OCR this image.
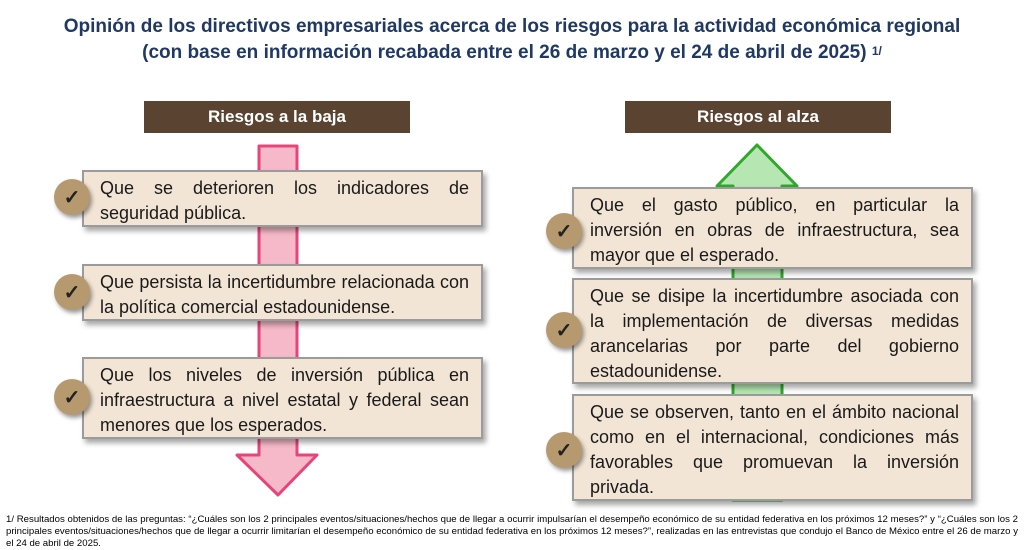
Opinión de los directivos empresariales acerca de los riesgos para la actividad económica regional
(con base en información recabada entre el 26 de marzo y el 24 de abril de 2025) $^{1/}$
Riesgos a la baja	Riesgos al alza
Que se deterioren los indicadores de seguridad pública.
✓
Que persista la incertidumbre relacionada con la política comercial estadounidense.
✓
Que los niveles de inversión pública en infraestructura a nivel estatal y federal sean menores que los esperados.
✓
Que el gasto público, en particular la inversión en obras de infraestructura, sea mayor que el esperado.
✓
Que se disipe la incertidumbre asociada con la implementación de diversas medidas arancelarias por parte del gobierno estadounidense.
✓
Que se observen, tanto en el ámbito nacional como en el internacional, condiciones más favorables que promuevan la inversión privada.
✓
1/ Resultados obtenidos de las preguntas: “¿Cuáles son los 2 principales eventos/situaciones/hechos que de llegar a ocurrir impulsarían el desempeño económico de su entidad federativa en los próximos 12 meses?” y “¿Cuáles son los 2 principales eventos/situaciones/hechos que de llegar a ocurrir limitarían el desempeño económico de su entidad federativa en los próximos 12 meses?”, realizadas en las entrevistas que condujo el Banco de México entre el 26 de marzo y el 24 de abril de 2025.
